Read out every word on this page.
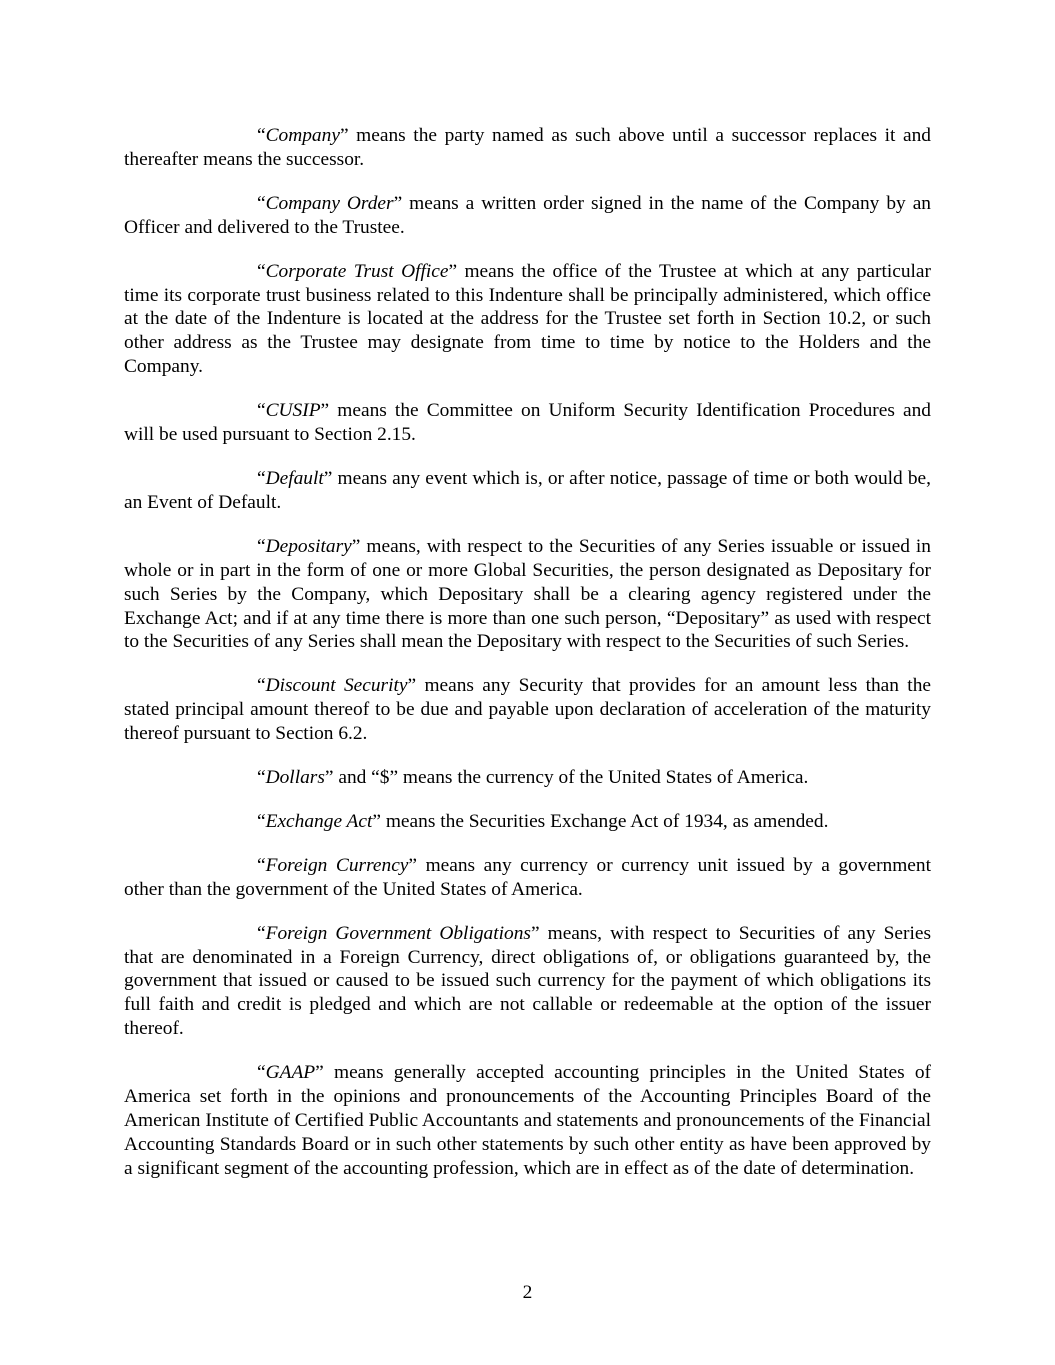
“Company” means the party named as such above until a successor replaces it and thereafter means the successor.

“Company Order” means a written order signed in the name of the Company by an Officer and delivered to the Trustee.

“Corporate Trust Office” means the office of the Trustee at which at any particular time its corporate trust business related to this Indenture shall be principally administered, which office at the date of the Indenture is located at the address for the Trustee set forth in Section 10.2, or such other address as the Trustee may designate from time to time by notice to the Holders and the Company.

“CUSIP” means the Committee on Uniform Security Identification Procedures and will be used pursuant to Section 2.15.

“Default” means any event which is, or after notice, passage of time or both would be, an Event of Default.

“Depositary” means, with respect to the Securities of any Series issuable or issued in whole or in part in the form of one or more Global Securities, the person designated as Depositary for such Series by the Company, which Depositary shall be a clearing agency registered under the Exchange Act; and if at any time there is more than one such person, “Depositary” as used with respect to the Securities of any Series shall mean the Depositary with respect to the Securities of such Series.

“Discount Security” means any Security that provides for an amount less than the stated principal amount thereof to be due and payable upon declaration of acceleration of the maturity thereof pursuant to Section 6.2.

“Dollars” and “$” means the currency of the United States of America.

“Exchange Act” means the Securities Exchange Act of 1934, as amended.

“Foreign Currency” means any currency or currency unit issued by a government other than the government of the United States of America.

“Foreign Government Obligations” means, with respect to Securities of any Series that are denominated in a Foreign Currency, direct obligations of, or obligations guaranteed by, the government that issued or caused to be issued such currency for the payment of which obligations its full faith and credit is pledged and which are not callable or redeemable at the option of the issuer thereof.

“GAAP” means generally accepted accounting principles in the United States of America set forth in the opinions and pronouncements of the Accounting Principles Board of the American Institute of Certified Public Accountants and statements and pronouncements of the Financial Accounting Standards Board or in such other statements by such other entity as have been approved by a significant segment of the accounting profession, which are in effect as of the date of determination.

2
